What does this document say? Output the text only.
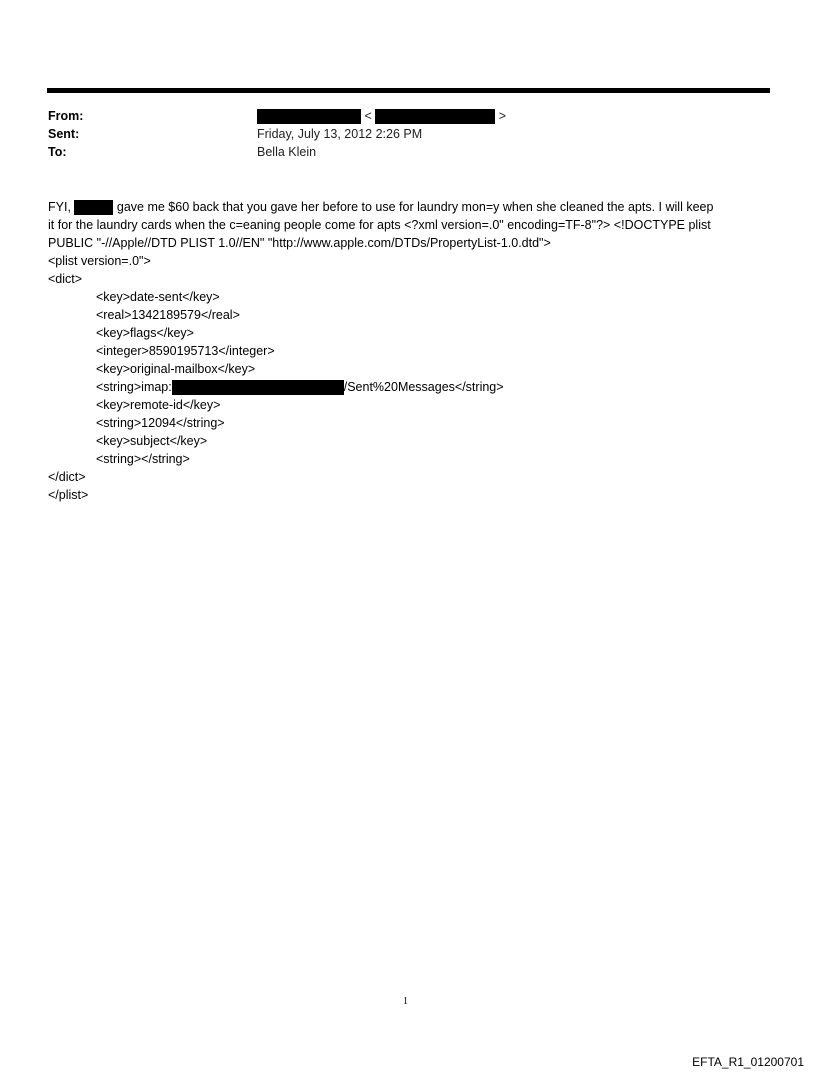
From:	<	>
Sent:	Friday, July 13, 2012 2:26 PM
To:	Bella Klein
FYI,	gave me $60 back that you gave her before to use for laundry mon=y when she cleaned the apts. I will keep
it for the laundry cards when the c=eaning people come for apts <?xml version=.0" encoding=TF-8"?> <!DOCTYPE plist
PUBLIC "-//Apple//DTD PLIST 1.0//EN" "http://www.apple.com/DTDs/PropertyList-1.0.dtd">
<plist version=.0">
<dict>
<key>date-sent</key>
<real>1342189579</real>
<key>flags</key>
<integer>8590195713</integer>
<key>original-mailbox</key>
<string>imap:	/Sent%20Messages</string>
<key>remote-id</key>
<string>12094</string>
<key>subject</key>
<string></string>
</dict>
</plist>
1
EFTA_R1_01200701
